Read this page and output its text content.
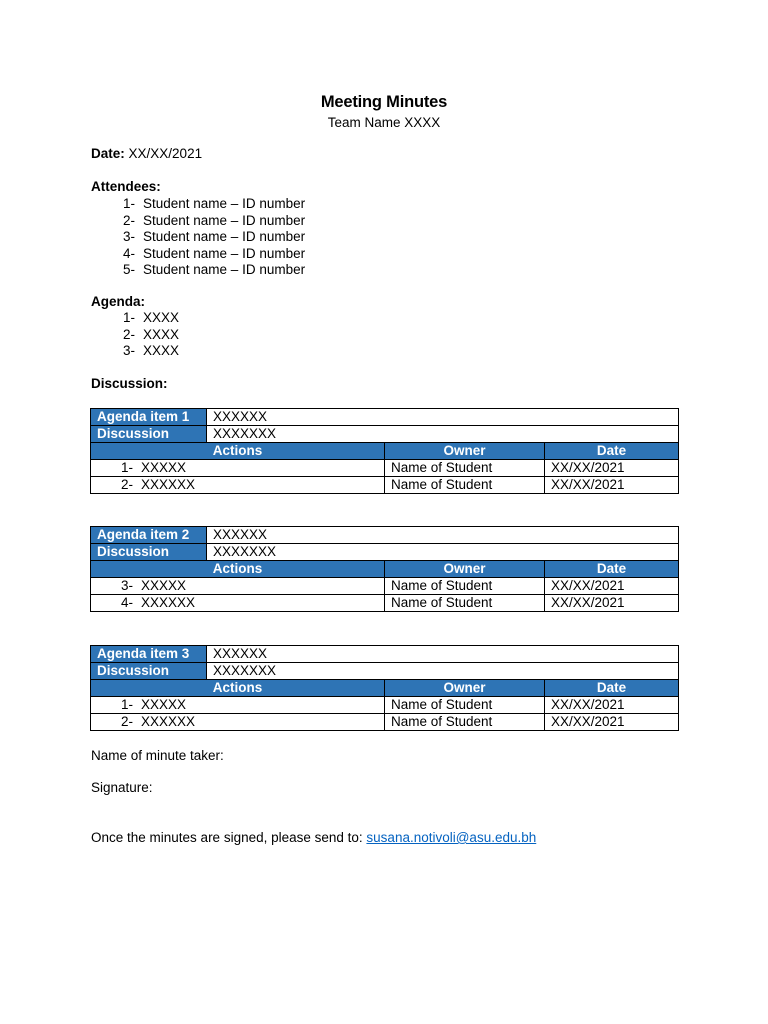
Meeting Minutes
Team Name XXXX
Date: XX/XX/2021
Attendees:
1- Student name – ID number
2- Student name – ID number
3- Student name – ID number
4- Student name – ID number
5- Student name – ID number
Agenda:
1- XXXX
2- XXXX
3- XXXX
Discussion:
Agenda item 1	XXXXXX		
Discussion	XXXXXXX		
Actions		Owner	Date
1- XXXXX		Name of Student	XX/XX/2021
2- XXXXXX		Name of Student	XX/XX/2021
Agenda item 2	XXXXXX		
Discussion	XXXXXXX		
Actions		Owner	Date
3- XXXXX		Name of Student	XX/XX/2021
4- XXXXXX		Name of Student	XX/XX/2021
Agenda item 3	XXXXXX		
Discussion	XXXXXXX		
Actions		Owner	Date
1- XXXXX		Name of Student	XX/XX/2021
2- XXXXXX		Name of Student	XX/XX/2021
Name of minute taker:
Signature:
Once the minutes are signed, please send to: susana.notivoli@asu.edu.bh
